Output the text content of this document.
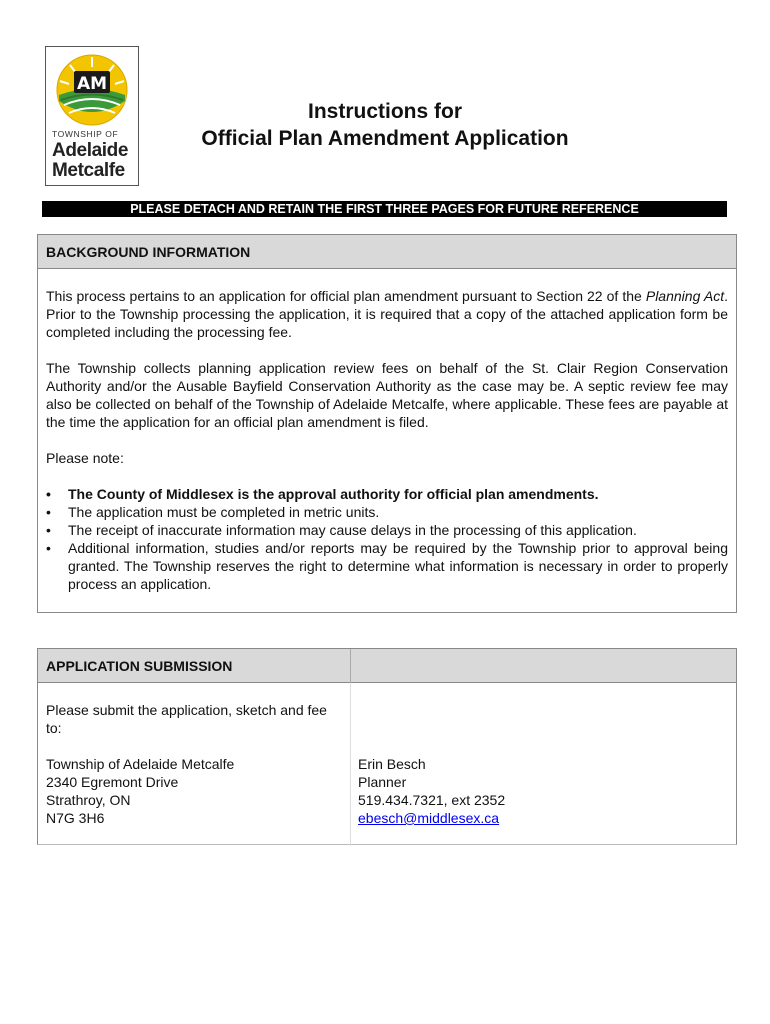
AM
TOWNSHIP OF
Adelaide
Metcalfe
Instructions for
Official Plan Amendment Application
PLEASE DETACH AND RETAIN THE FIRST THREE PAGES FOR FUTURE REFERENCE
BACKGROUND INFORMATION

This process pertains to an application for official plan amendment pursuant to Section 22 of the Planning Act. Prior to the Township processing the application, it is required that a copy of the attached application form be completed including the processing fee.

The Township collects planning application review fees on behalf of the St. Clair Region Conservation Authority and/or the Ausable Bayfield Conservation Authority as the case may be. A septic review fee may also be collected on behalf of the Township of Adelaide Metcalfe, where applicable. These fees are payable at the time the application for an official plan amendment is filed.

Please note:

• The County of Middlesex is the approval authority for official plan amendments.
• The application must be completed in metric units.
• The receipt of inaccurate information may cause delays in the processing of this application.
• Additional information, studies and/or reports may be required by the Township prior to approval being granted. The Township reserves the right to determine what information is necessary in order to properly process an application.
APPLICATION SUBMISSION
Please submit the application, sketch and fee to:
Township of Adelaide Metcalfe
2340 Egremont Drive
Strathroy, ON
N7G 3H6
Erin Besch
Planner
519.434.7321, ext 2352
ebesch@middlesex.ca
